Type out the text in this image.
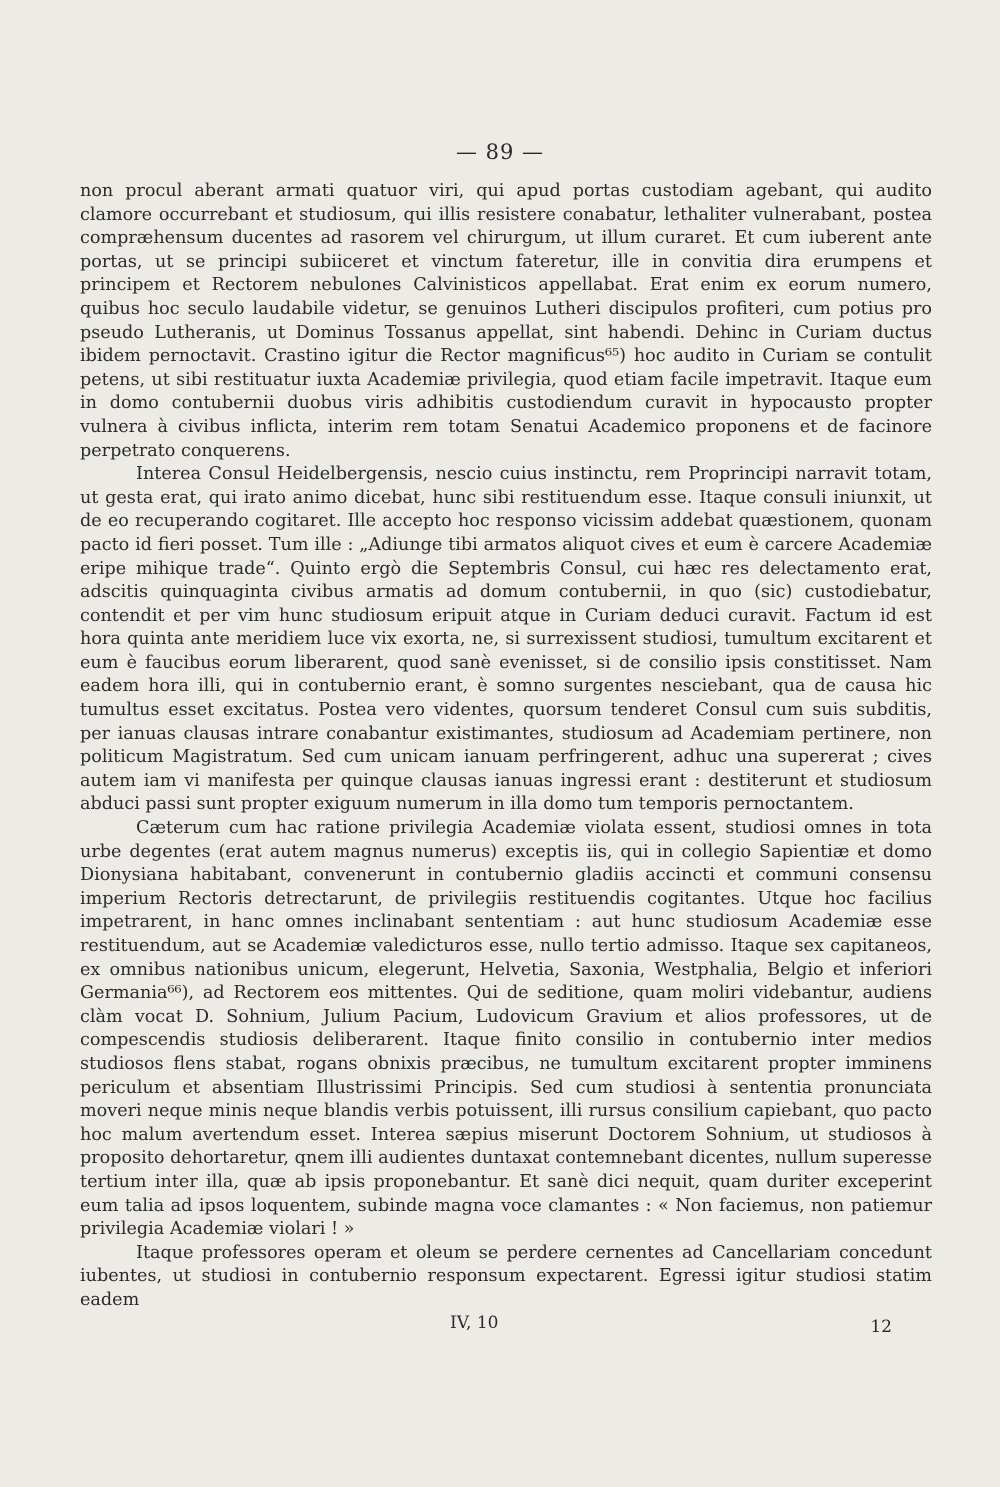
— 89 —

non procul aberant armati quatuor viri, qui apud portas custodiam agebant, qui audito clamore occurrebant et studiosum, qui illis resistere conabatur, lethaliter vulnerabant, postea compræhensum ducentes ad rasorem vel chirurgum, ut illum curaret. Et cum iuberent ante portas, ut se principi subiiceret et vinctum fateretur, ille in convitia dira erumpens et principem et Rectorem nebulones Calvinisticos appellabat. Erat enim ex eorum numero, quibus hoc seculo laudabile videtur, se genuinos Lutheri discipulos profiteri, cum potius pro pseudo Lutheranis, ut Dominus Tossanus appellat, sint habendi. Dehinc in Curiam ductus ibidem pernoctavit. Crastino igitur die Rector magnificus⁶⁵) hoc audito in Curiam se contulit petens, ut sibi restituatur iuxta Academiæ privilegia, quod etiam facile impetravit. Itaque eum in domo contubernii duobus viris adhibitis custodiendum curavit in hypocausto propter vulnera à civibus inflicta, interim rem totam Senatui Academico proponens et de facinore perpetrato conquerens.

Interea Consul Heidelbergensis, nescio cuius instinctu, rem Proprincipi narravit totam, ut gesta erat, qui irato animo dicebat, hunc sibi restituendum esse. Itaque consuli iniunxit, ut de eo recuperando cogitaret. Ille accepto hoc responso vicissim addebat quæstionem, quonam pacto id fieri posset. Tum ille : „Adiunge tibi armatos aliquot cives et eum è carcere Academiæ eripe mihique trade“. Quinto ergò die Septembris Consul, cui hæc res delectamento erat, adscitis quinquaginta civibus armatis ad domum contubernii, in quo (sic) custodiebatur, contendit et per vim hunc studiosum eripuit atque in Curiam deduci curavit. Factum id est hora quinta ante meridiem luce vix exorta, ne, si surrexissent studiosi, tumultum excitarent et eum è faucibus eorum liberarent, quod sanè evenisset, si de consilio ipsis constitisset. Nam eadem hora illi, qui in contubernio erant, è somno surgentes nesciebant, qua de causa hic tumultus esset excitatus. Postea vero videntes, quorsum tenderet Consul cum suis subditis, per ianuas clausas intrare conabantur existimantes, studiosum ad Academiam pertinere, non politicum Magistratum. Sed cum unicam ianuam perfringerent, adhuc una supererat ; cives autem iam vi manifesta per quinque clausas ianuas ingressi erant : destiterunt et studiosum abduci passi sunt propter exiguum numerum in illa domo tum temporis pernoctantem.

Cæterum cum hac ratione privilegia Academiæ violata essent, studiosi omnes in tota urbe degentes (erat autem magnus numerus) exceptis iis, qui in collegio Sapientiæ et domo Dionysiana habitabant, convenerunt in contubernio gladiis accincti et communi consensu imperium Rectoris detrectarunt, de privilegiis restituendis cogitantes. Utque hoc facilius impetrarent, in hanc omnes inclinabant sententiam : aut hunc studiosum Academiæ esse restituendum, aut se Academiæ valedicturos esse, nullo tertio admisso. Itaque sex capitaneos, ex omnibus nationibus unicum, elegerunt, Helvetia, Saxonia, Westphalia, Belgio et inferiori Germania⁶⁶), ad Rectorem eos mittentes. Qui de seditione, quam moliri videbantur, audiens clàm vocat D. Sohnium, Julium Pacium, Ludovicum Gravium et alios professores, ut de compescendis studiosis deliberarent. Itaque finito consilio in contubernio inter medios studiosos flens stabat, rogans obnixis præcibus, ne tumultum excitarent propter imminens periculum et absentiam Illustrissimi Principis. Sed cum studiosi à sententia pronunciata moveri neque minis neque blandis verbis potuissent, illi rursus consilium capiebant, quo pacto hoc malum avertendum esset. Interea sæpius miserunt Doctorem Sohnium, ut studiosos à proposito dehortaretur, qnem illi audientes duntaxat contemnebant dicentes, nullum superesse tertium inter illa, quæ ab ipsis proponebantur. Et sanè dici nequit, quam duriter exceperint eum talia ad ipsos loquentem, subinde magna voce clamantes : « Non faciemus, non patiemur privilegia Academiæ violari ! »

Itaque professores operam et oleum se perdere cernentes ad Cancellariam concedunt iubentes, ut studiosi in contubernio responsum expectarent. Egressi igitur studiosi statim eadem

IV, 10	12
